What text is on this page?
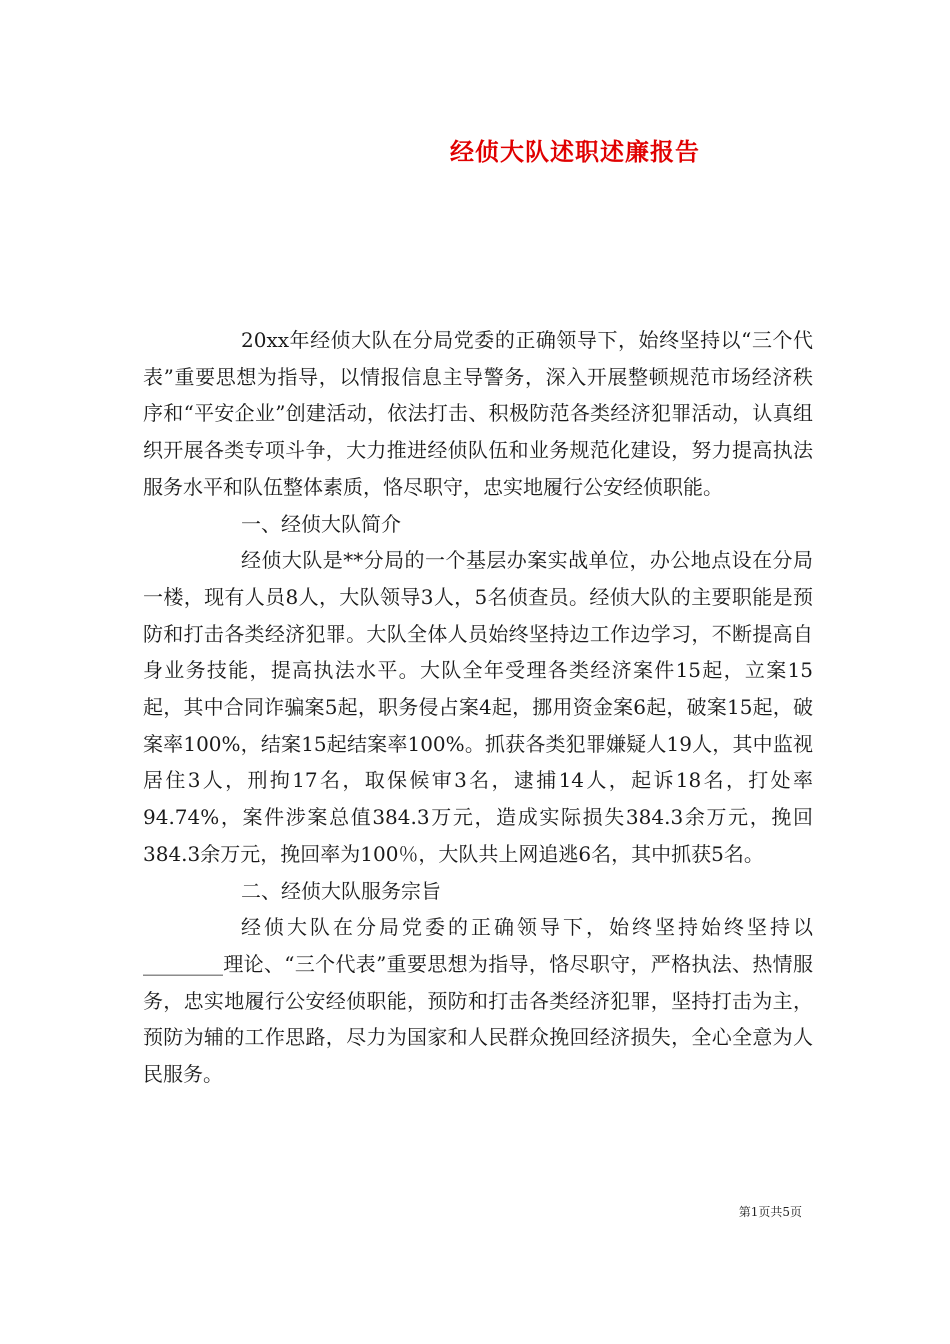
经侦大队述职述廉报告

20xx年经侦大队在分局党委的正确领导下，始终坚持以“三个代表”重要思想为指导，以情报信息主导警务，深入开展整顿规范市场经济秩序和“平安企业”创建活动，依法打击、积极防范各类经济犯罪活动，认真组织开展各类专项斗争，大力推进经侦队伍和业务规范化建设，努力提高执法服务水平和队伍整体素质，恪尽职守，忠实地履行公安经侦职能。

一、经侦大队简介

经侦大队是**分局的一个基层办案实战单位，办公地点设在分局一楼，现有人员8人，大队领导3人，5名侦查员。经侦大队的主要职能是预防和打击各类经济犯罪。大队全体人员始终坚持边工作边学习，不断提高自身业务技能，提高执法水平。大队全年受理各类经济案件15起，立案15起，其中合同诈骗案5起，职务侵占案4起，挪用资金案6起，破案15起，破案率100%，结案15起结案率100%。抓获各类犯罪嫌疑人19人，其中监视居住3人，刑拘17名，取保候审3名，逮捕14人，起诉18名，打处率94.74%，案件涉案总值384.3万元，造成实际损失384.3余万元，挽回384.3余万元，挽回率为100％，大队共上网追逃6名，其中抓获5名。

二、经侦大队服务宗旨

经侦大队在分局党委的正确领导下，始终坚持始终坚持以________理论、“三个代表”重要思想为指导，恪尽职守，严格执法、热情服务，忠实地履行公安经侦职能，预防和打击各类经济犯罪，坚持打击为主，预防为辅的工作思路，尽力为国家和人民群众挽回经济损失，全心全意为人民服务。

第1页共5页
